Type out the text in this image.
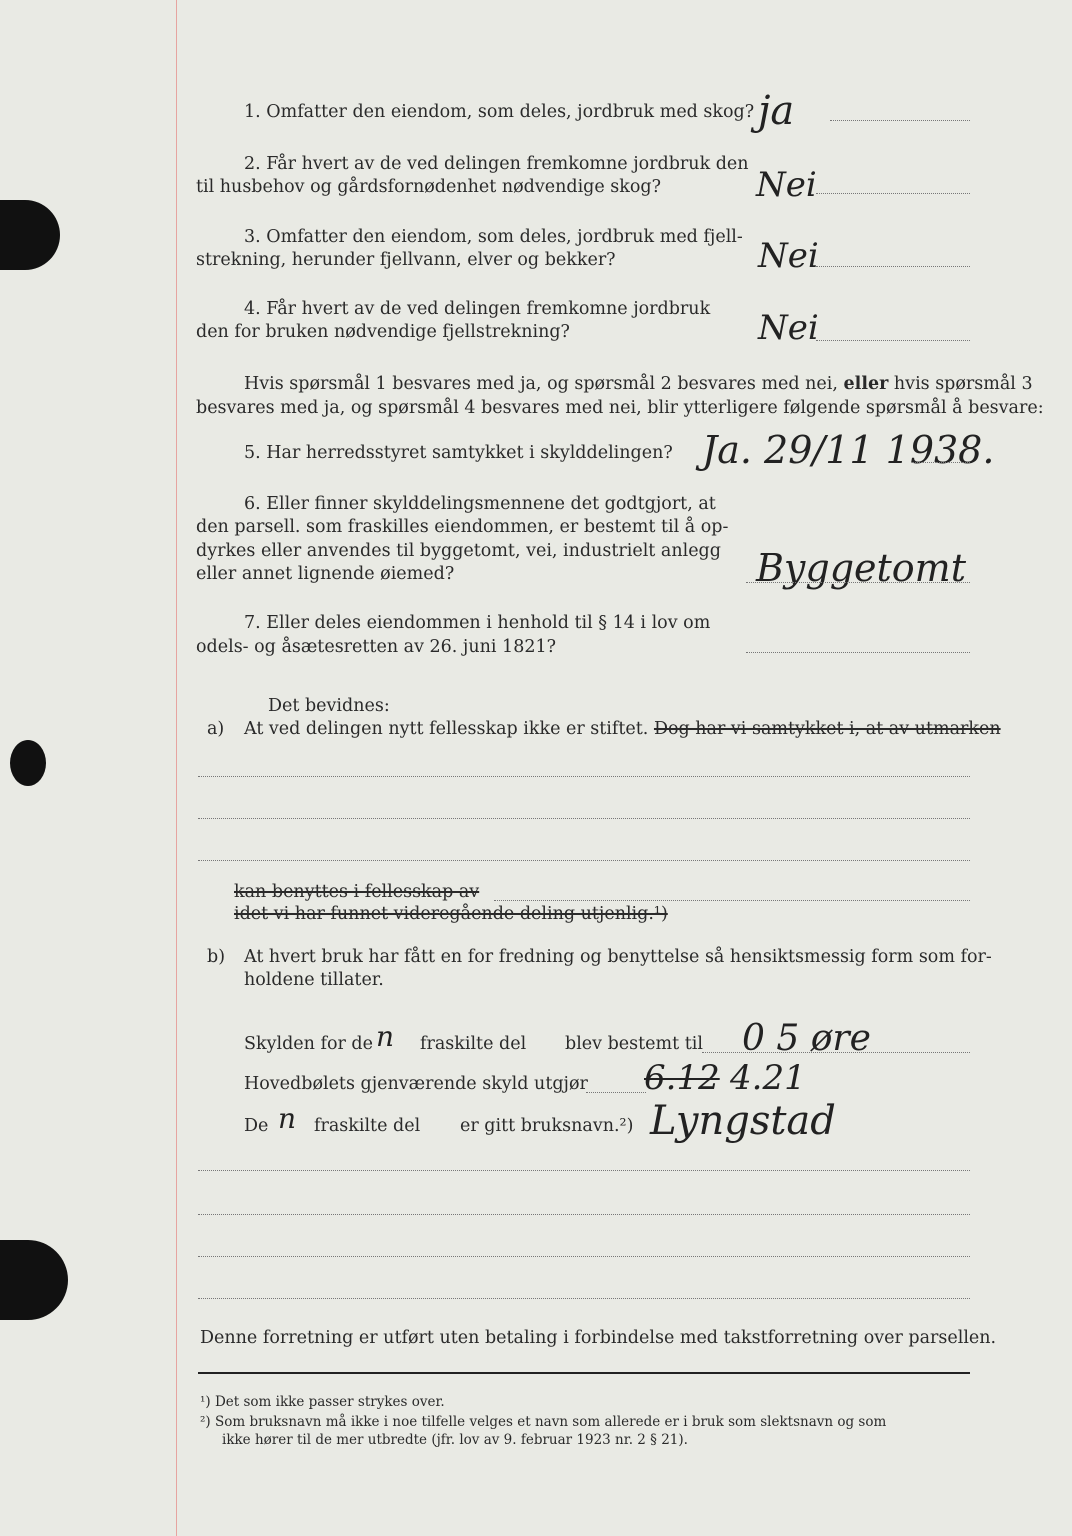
1. Omfatter den eiendom, som deles, jordbruk med skog? ja
2. Får hvert av de ved delingen fremkomne jordbruk den
til husbehov og gårdsfornødenhet nødvendige skog?	Nei
3. Omfatter den eiendom, som deles, jordbruk med fjell-
strekning, herunder fjellvann, elver og bekker?	Nei
4. Får hvert av de ved delingen fremkomne jordbruk
den for bruken nødvendige fjellstrekning?	Nei
Hvis spørsmål 1 besvares med ja, og spørsmål 2 besvares med nei, eller hvis spørsmål 3
besvares med ja, og spørsmål 4 besvares med nei, blir ytterligere følgende spørsmål å besvare:
5. Har herredsstyret samtykket i skylddelingen? Ja. 29/11 1938.
6. Eller finner skylddelingsmennene det godtgjort, at
den parsell. som fraskilles eiendommen, er bestemt til å op-
dyrkes eller anvendes til byggetomt, vei, industrielt anlegg
eller annet lignende øiemed?	Byggetomt
7. Eller deles eiendommen i henhold til § 14 i lov om
odels- og åsætesretten av 26. juni 1821?
Det bevidnes:
a) At ved delingen nytt fellesskap ikke er stiftet. Dog har vi samtykket i, at av utmarken
kan benyttes i fellesskap av
idet vi har funnet videregående deling utjenlig.¹)
b) At hvert bruk har fått en for fredning og benyttelse så hensiktsmessig form som for-
holdene tillater.
Skylden for de n fraskilte del blev bestemt til 0 5 øre
Hovedbølets gjenværende skyld utgjør 6.12 4.21
De n fraskilte del er gitt bruksnavn.²) Lyngstad
Denne forretning er utført uten betaling i forbindelse med takstforretning over parsellen.
¹) Det som ikke passer strykes over.
²) Som bruksnavn må ikke i noe tilfelle velges et navn som allerede er i bruk som slektsnavn og som
ikke hører til de mer utbredte (jfr. lov av 9. februar 1923 nr. 2 § 21).
